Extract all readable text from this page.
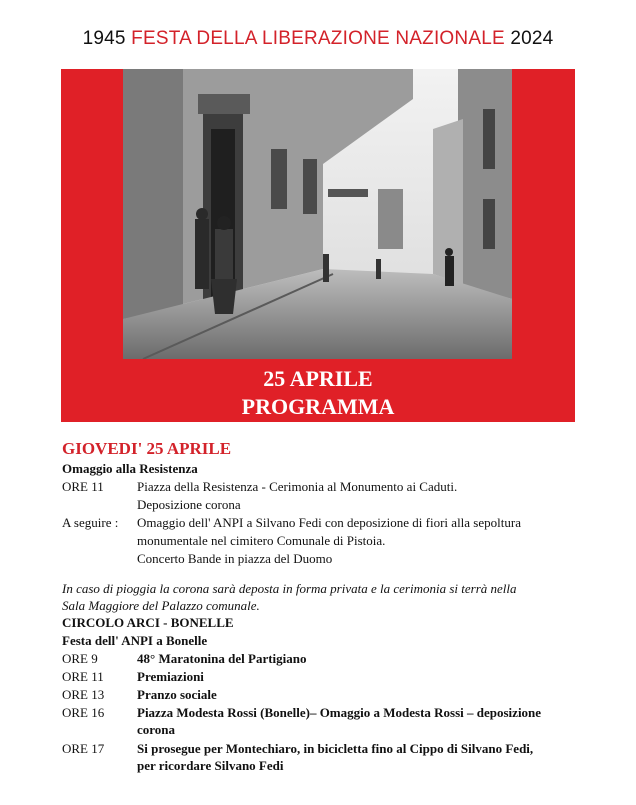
1945 FESTA DELLA LIBERAZIONE NAZIONALE 2024
25 APRILE
PROGRAMMA
GIOVEDI' 25 APRILE
Omaggio alla Resistenza
ORE 11	Piazza della Resistenza - Cerimonia al Monumento ai Caduti.
Deposizione corona
A seguire : Omaggio dell' ANPI a Silvano Fedi con deposizione di fiori alla sepoltura
monumentale nel cimitero Comunale di Pistoia.
Concerto Bande in piazza del Duomo
In caso di pioggia la corona sarà deposta in forma privata e la cerimonia si terrà nella
Sala Maggiore del Palazzo comunale.
CIRCOLO ARCI - BONELLE
Festa dell' ANPI a Bonelle
ORE 9	48° Maratonina del Partigiano
ORE 11	Premiazioni
ORE 13	Pranzo sociale
ORE 16	Piazza Modesta Rossi (Bonelle)– Omaggio a Modesta Rossi – deposizione
corona
ORE 17	Si prosegue per Montechiaro, in bicicletta fino al Cippo di Silvano Fedi,
per ricordare Silvano Fedi
